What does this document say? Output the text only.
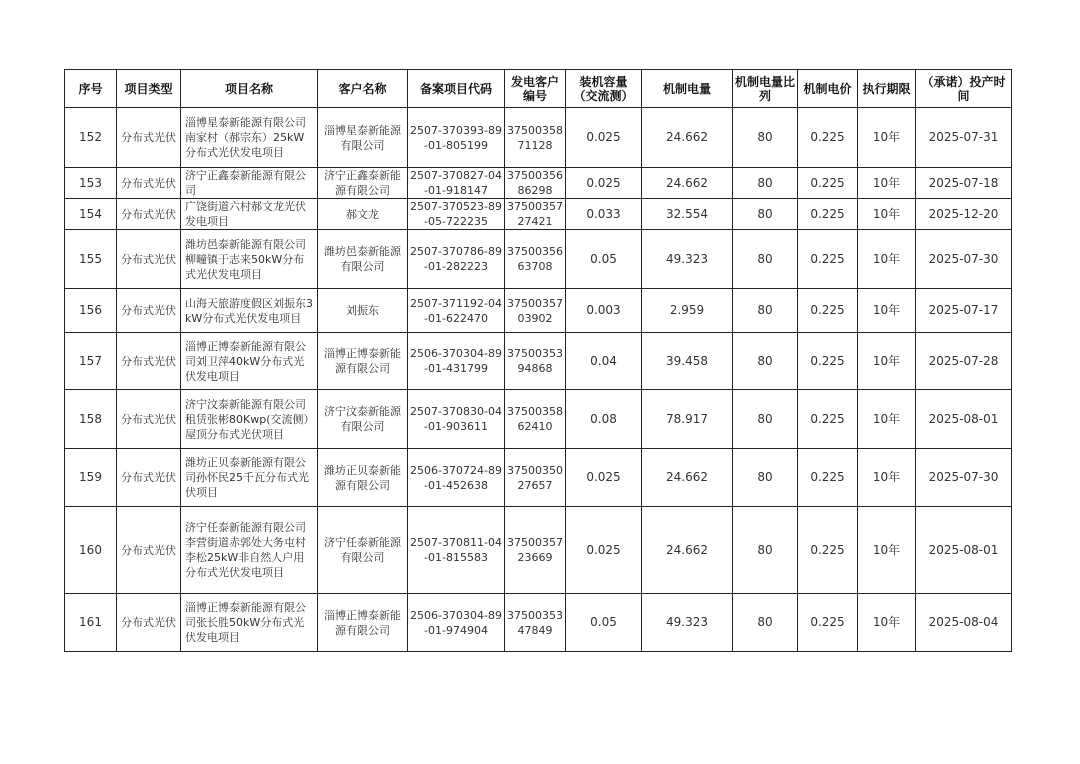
序号	项目类型	项目名称	客户名称	备案项目代码	发电客户编号	装机容量（交流测）	机制电量	机制电量比列	机制电价	执行期限	（承诺）投产时间
152	分布式光伏	淄博星泰新能源有限公司南家村（郝宗东）25kW分布式光伏发电项目	淄博星泰新能源有限公司	2507-370393-89-01-805199	3750035871128	0.025	24.662	80	0.225	10年	2025-07-31
153	分布式光伏	济宁正鑫泰新能源有限公司	济宁正鑫泰新能源有限公司	2507-370827-04-01-918147	3750035686298	0.025	24.662	80	0.225	10年	2025-07-18
154	分布式光伏	广饶街道六村郝文龙光伏发电项目	郝文龙	2507-370523-89-05-722235	3750035727421	0.033	32.554	80	0.225	10年	2025-12-20
155	分布式光伏	潍坊邑泰新能源有限公司柳疃镇于志来50kW分布式光伏发电项目	潍坊邑泰新能源有限公司	2507-370786-89-01-282223	3750035663708	0.05	49.323	80	0.225	10年	2025-07-30
156	分布式光伏	山海天旅游度假区刘振东3kW分布式光伏发电项目	刘振东	2507-371192-04-01-622470	3750035703902	0.003	2.959	80	0.225	10年	2025-07-17
157	分布式光伏	淄博正博泰新能源有限公司刘卫萍40kW分布式光伏发电项目	淄博正博泰新能源有限公司	2506-370304-89-01-431799	3750035394868	0.04	39.458	80	0.225	10年	2025-07-28
158	分布式光伏	济宁汶泰新能源有限公司租赁张彬80Kwp(交流侧）屋顶分布式光伏项目	济宁汶泰新能源有限公司	2507-370830-04-01-903611	3750035862410	0.08	78.917	80	0.225	10年	2025-08-01
159	分布式光伏	潍坊正贝泰新能源有限公司孙怀民25千瓦分布式光伏项目	潍坊正贝泰新能源有限公司	2506-370724-89-01-452638	3750035027657	0.025	24.662	80	0.225	10年	2025-07-30
160	分布式光伏	济宁任泰新能源有限公司李营街道赤郭处大务屯村李松25kW非自然人户用分布式光伏发电项目	济宁任泰新能源有限公司	2507-370811-04-01-815583	3750035723669	0.025	24.662	80	0.225	10年	2025-08-01
161	分布式光伏	淄博正博泰新能源有限公司张长胜50kW分布式光伏发电项目	淄博正博泰新能源有限公司	2506-370304-89-01-974904	3750035347849	0.05	49.323	80	0.225	10年	2025-08-04
